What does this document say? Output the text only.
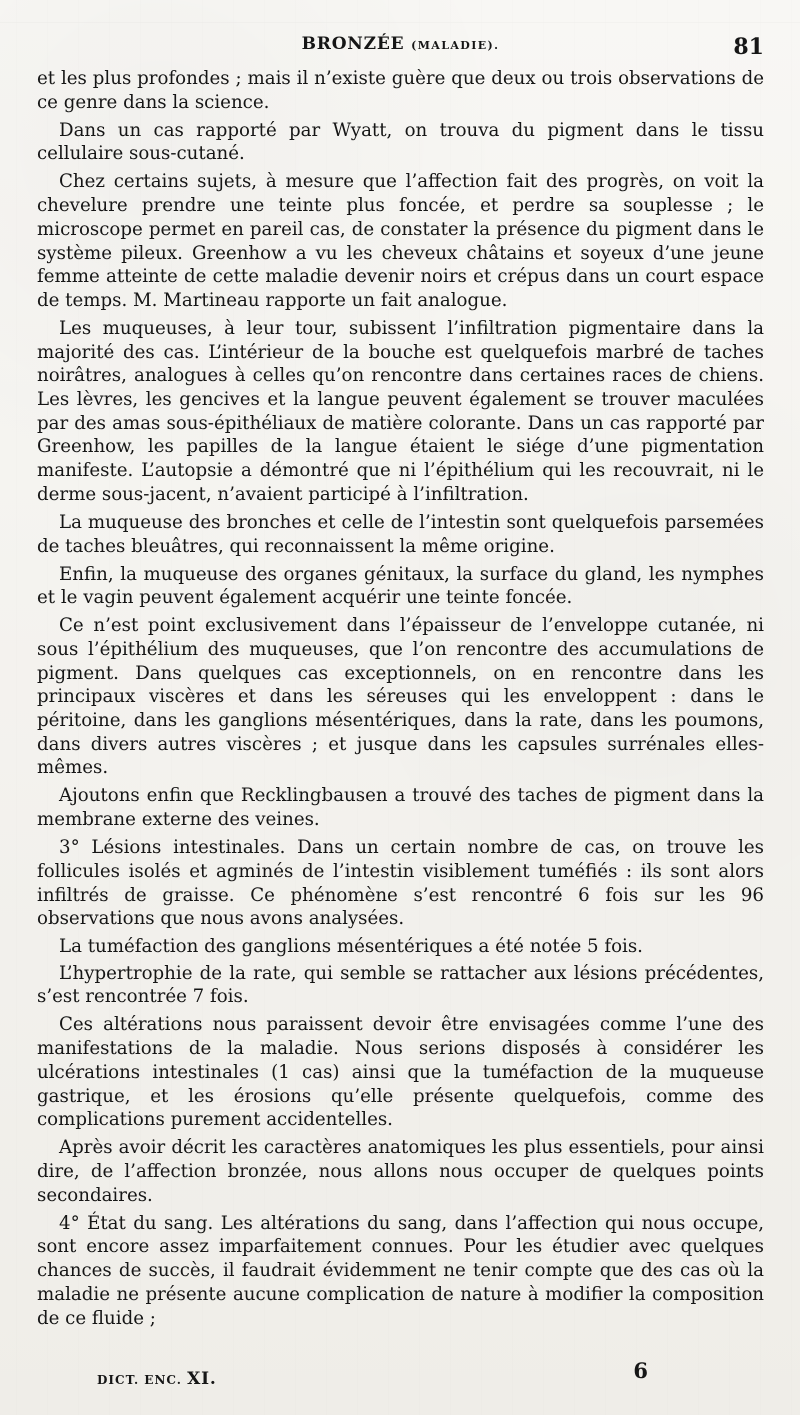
BRONZÉE (MALADIE).	81

et les plus profondes ; mais il n’existe guère que deux ou trois observations de ce genre dans la science.

Dans un cas rapporté par Wyatt, on trouva du pigment dans le tissu cellulaire sous-cutané.

Chez certains sujets, à mesure que l’affection fait des progrès, on voit la chevelure prendre une teinte plus foncée, et perdre sa souplesse ; le microscope permet en pareil cas, de constater la présence du pigment dans le système pileux. Greenhow a vu les cheveux châtains et soyeux d’une jeune femme atteinte de cette maladie devenir noirs et crépus dans un court espace de temps. M. Martineau rapporte un fait analogue.

Les muqueuses, à leur tour, subissent l’infiltration pigmentaire dans la majorité des cas. L’intérieur de la bouche est quelquefois marbré de taches noirâtres, analogues à celles qu’on rencontre dans certaines races de chiens. Les lèvres, les gencives et la langue peuvent également se trouver maculées par des amas sous-épithéliaux de matière colorante. Dans un cas rapporté par Greenhow, les papilles de la langue étaient le siége d’une pigmentation manifeste. L’autopsie a démontré que ni l’épithélium qui les recouvrait, ni le derme sous-jacent, n’avaient participé à l’infiltration.

La muqueuse des bronches et celle de l’intestin sont quelquefois parsemées de taches bleuâtres, qui reconnaissent la même origine.

Enfin, la muqueuse des organes génitaux, la surface du gland, les nymphes et le vagin peuvent également acquérir une teinte foncée.

Ce n’est point exclusivement dans l’épaisseur de l’enveloppe cutanée, ni sous l’épithélium des muqueuses, que l’on rencontre des accumulations de pigment. Dans quelques cas exceptionnels, on en rencontre dans les principaux viscères et dans les séreuses qui les enveloppent : dans le péritoine, dans les ganglions mésentériques, dans la rate, dans les poumons, dans divers autres viscères ; et jusque dans les capsules surrénales elles-mêmes.

Ajoutons enfin que Recklingbausen a trouvé des taches de pigment dans la membrane externe des veines.

3° Lésions intestinales. Dans un certain nombre de cas, on trouve les follicules isolés et agminés de l’intestin visiblement tuméfiés : ils sont alors infiltrés de graisse. Ce phénomène s’est rencontré 6 fois sur les 96 observations que nous avons analysées.

La tuméfaction des ganglions mésentériques a été notée 5 fois.

L’hypertrophie de la rate, qui semble se rattacher aux lésions précédentes, s’est rencontrée 7 fois.

Ces altérations nous paraissent devoir être envisagées comme l’une des manifestations de la maladie. Nous serions disposés à considérer les ulcérations intestinales (1 cas) ainsi que la tuméfaction de la muqueuse gastrique, et les érosions qu’elle présente quelquefois, comme des complications purement accidentelles.

Après avoir décrit les caractères anatomiques les plus essentiels, pour ainsi dire, de l’affection bronzée, nous allons nous occuper de quelques points secondaires.

4° État du sang. Les altérations du sang, dans l’affection qui nous occupe, sont encore assez imparfaitement connues. Pour les étudier avec quelques chances de succès, il faudrait évidemment ne tenir compte que des cas où la maladie ne présente aucune complication de nature à modifier la composition de ce fluide ;

DICT. ENC. XI.	6
